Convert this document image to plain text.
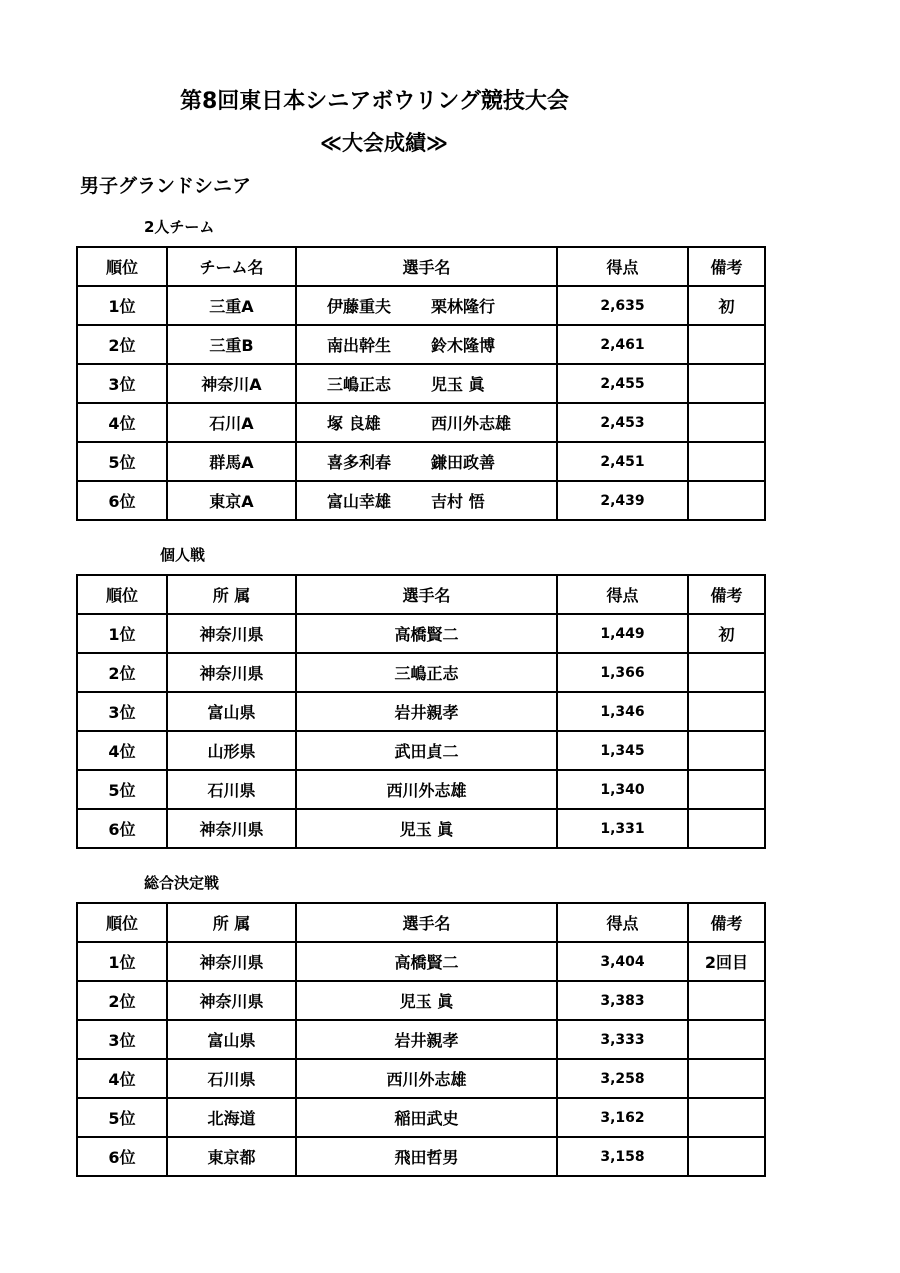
第8回東日本シニアボウリング競技大会
≪大会成績≫
男子グランドシニア
2人チーム
順位	チーム名	選手名	得点	備考
1位	三重A	伊藤重夫 栗林隆行	2,635	初
2位	三重B	南出幹生 鈴木隆博	2,461	
3位	神奈川A	三嶋正志 児玉 眞	2,455	
4位	石川A	塚 良雄 西川外志雄	2,453	
5位	群馬A	喜多利春 鎌田政善	2,451	
6位	東京A	富山幸雄 吉村 悟	2,439	
個人戦
順位	所 属	選手名	得点	備考
1位	神奈川県	高橋賢二	1,449	初
2位	神奈川県	三嶋正志	1,366	
3位	富山県	岩井親孝	1,346	
4位	山形県	武田貞二	1,345	
5位	石川県	西川外志雄	1,340	
6位	神奈川県	児玉 眞	1,331	
総合決定戦
順位	所 属	選手名	得点	備考
1位	神奈川県	高橋賢二	3,404	2回目
2位	神奈川県	児玉 眞	3,383	
3位	富山県	岩井親孝	3,333	
4位	石川県	西川外志雄	3,258	
5位	北海道	稲田武史	3,162	
6位	東京都	飛田哲男	3,158	
